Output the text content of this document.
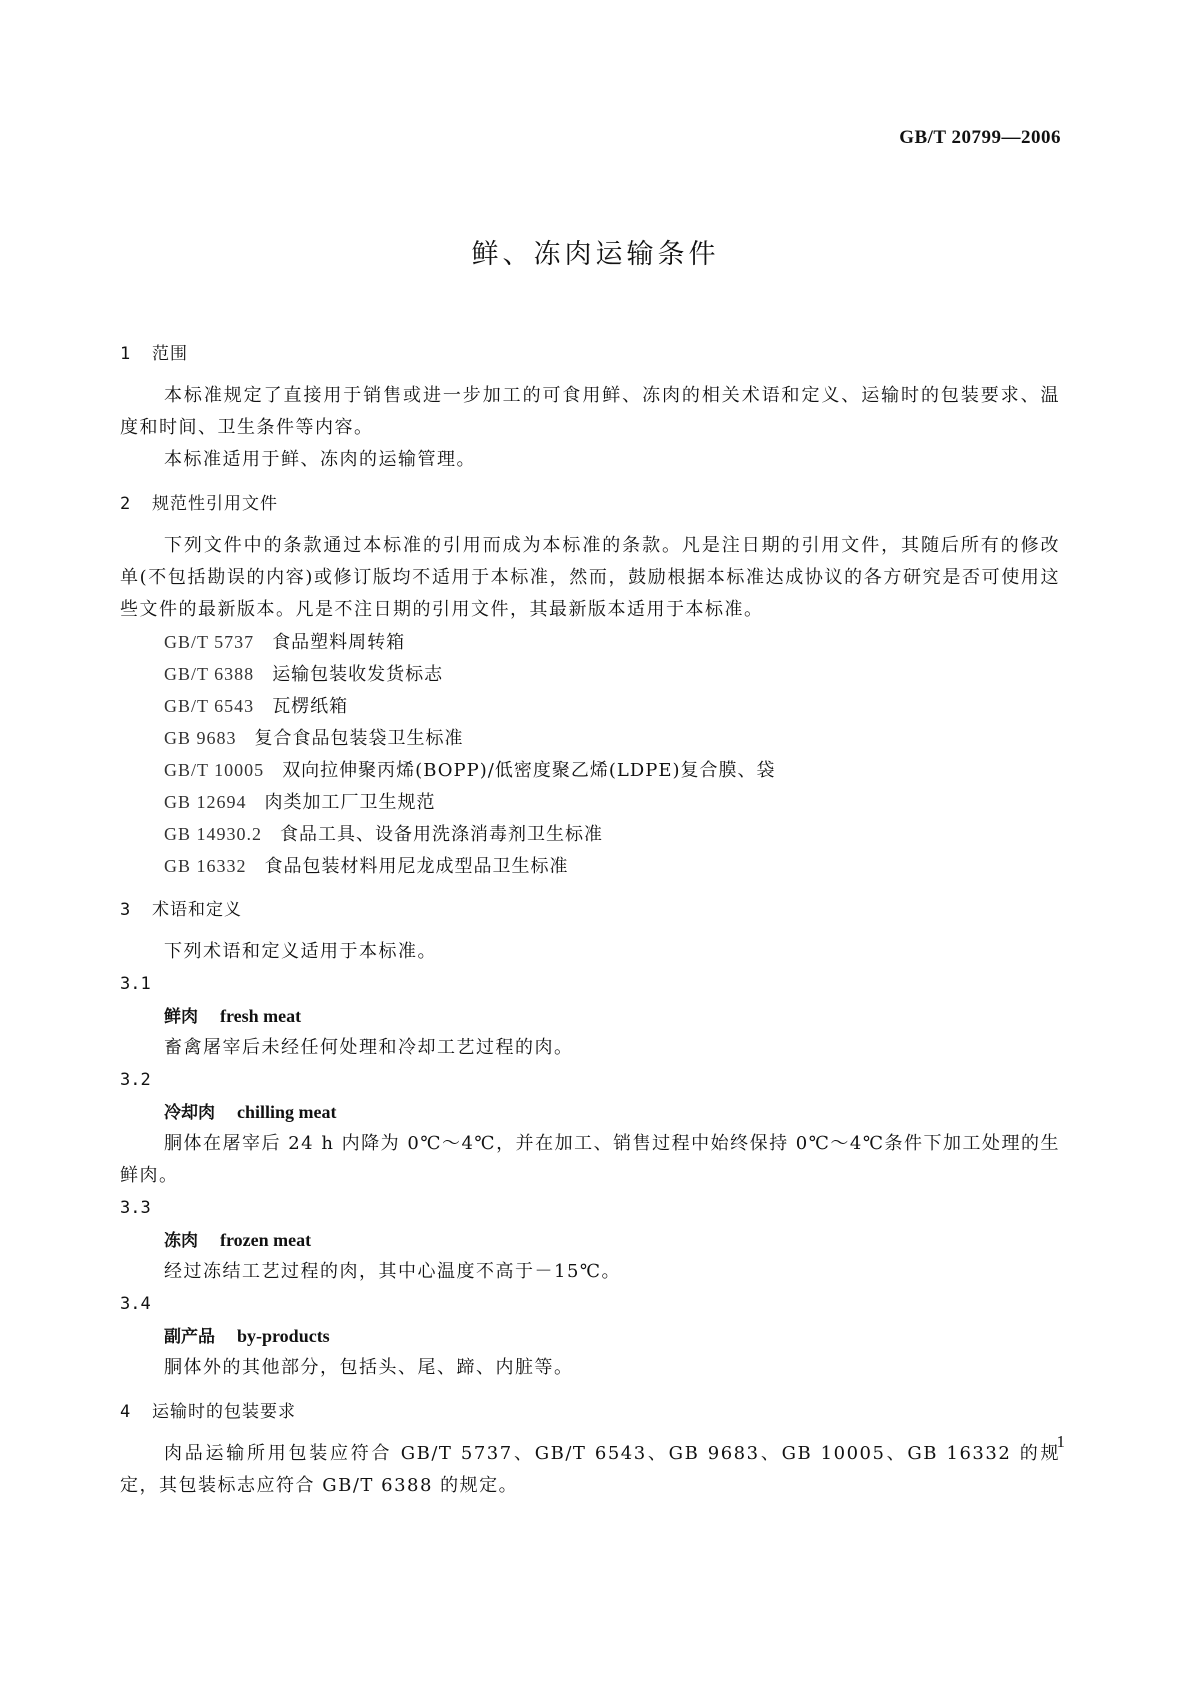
GB/T 20799—2006
鲜、冻肉运输条件
1 范围

本标准规定了直接用于销售或进一步加工的可食用鲜、冻肉的相关术语和定义、运输时的包装要求、温度和时间、卫生条件等内容。

本标准适用于鲜、冻肉的运输管理。

2 规范性引用文件

下列文件中的条款通过本标准的引用而成为本标准的条款。凡是注日期的引用文件，其随后所有的修改单(不包括勘误的内容)或修订版均不适用于本标准，然而，鼓励根据本标准达成协议的各方研究是否可使用这些文件的最新版本。凡是不注日期的引用文件，其最新版本适用于本标准。

GB/T 5737 食品塑料周转箱
GB/T 6388 运输包装收发货标志
GB/T 6543 瓦楞纸箱
GB 9683 复合食品包装袋卫生标准
GB/T 10005 双向拉伸聚丙烯(BOPP)/低密度聚乙烯(LDPE)复合膜、袋
GB 12694 肉类加工厂卫生规范
GB 14930.2 食品工具、设备用洗涤消毒剂卫生标准
GB 16332 食品包装材料用尼龙成型品卫生标准
3 术语和定义

下列术语和定义适用于本标准。

3.1
鲜肉 fresh meat

畜禽屠宰后未经任何处理和冷却工艺过程的肉。

3.2
冷却肉 chilling meat

胴体在屠宰后 24 h 内降为 0℃～4℃，并在加工、销售过程中始终保持 0℃～4℃条件下加工处理的生鲜肉。

3.3
冻肉 frozen meat

经过冻结工艺过程的肉，其中心温度不高于－15℃。

3.4
副产品 by-products

胴体外的其他部分，包括头、尾、蹄、内脏等。

4 运输时的包装要求

肉品运输所用包装应符合 GB/T 5737、GB/T 6543、GB 9683、GB 10005、GB 16332 的规定，其包装标志应符合 GB/T 6388 的规定。

1
